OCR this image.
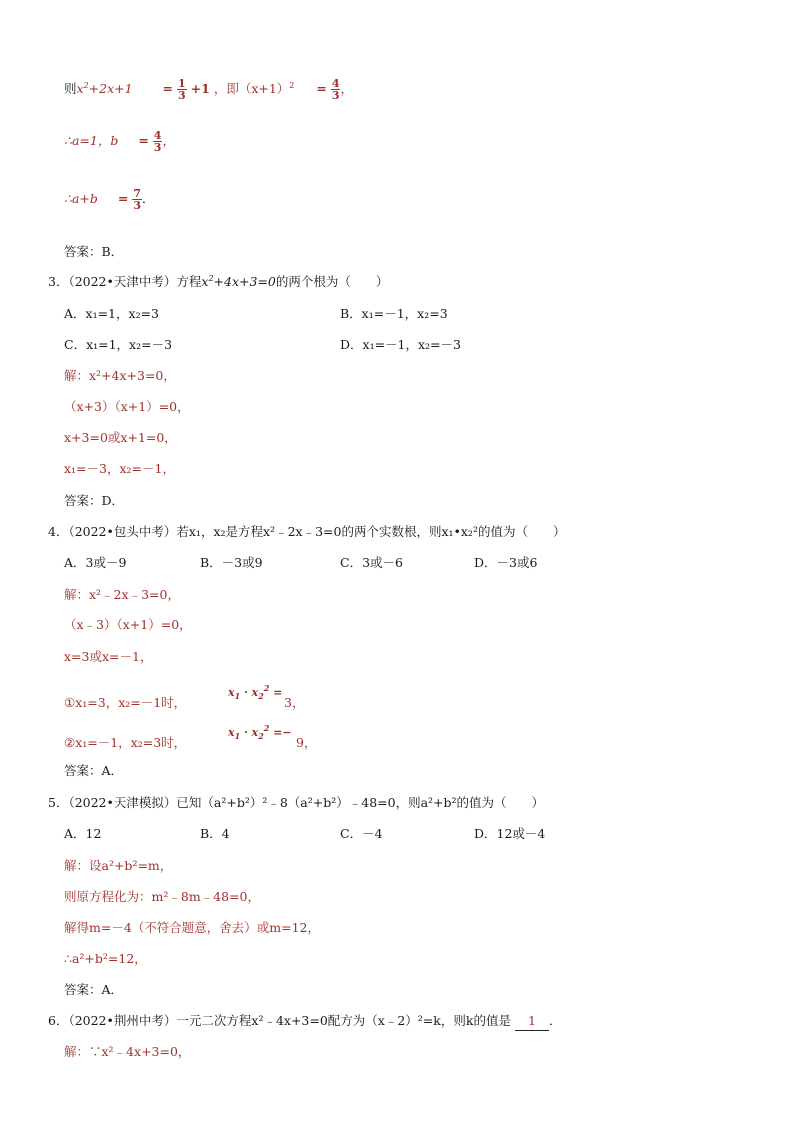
则$x^2+2x+1 = \frac{1}{3} +1$ ，即$(x+1)^2 = \frac{4}{3}$ ，
∴a=1，$b = \frac{4}{3}$ ，
∴a+b = $\frac{7}{3}$ ．
答案：B．
3．（2022•天津中考）方程$x^2+4x+3=0$的两个根为（　　）
A．x₁=1，x₂=3	B．x₁=－1，x₂=3
C．x₁=1，x₂=－3	D．x₁=－1，x₂=－3
解：x²+4x+3=0，
（x+3）（x+1）=0，
x+3=0或x+1=0，
x₁=－3，x₂=－1，
答案：D．
4．（2022•包头中考）若x₁，x₂是方程x²﹣2x﹣3=0的两个实数根，则x₁•x₂²的值为（　　）
A．3或－9	B．－3或9	C．3或－6	D．－3或6
解：x²﹣2x﹣3=0，
（x﹣3）（x+1）=0，
x=3或x=－1，
①x₁=3，x₂=－1时，
$x_1 \cdot x_2^2$ =
3，
②x₁=－1，x₂=3时，
$x_1 \cdot x_2^2$ =−
9，
答案：A．
5．（2022•天津模拟）已知（a²+b²）²﹣8（a²+b²）﹣48=0，则a²+b²的值为（　　）
A．12	B．4	C．－4	D．12或－4
解：设a²+b²=m，
则原方程化为：m²﹣8m﹣48=0，
解得m=－4（不符合题意，舍去）或m=12，
∴a²+b²=12，
答案：A．
6．（2022•荆州中考）一元二次方程x²﹣4x+3=0配方为（x﹣2）²=k，则k的值是 1 ．
解：∵x²﹣4x+3=0，
